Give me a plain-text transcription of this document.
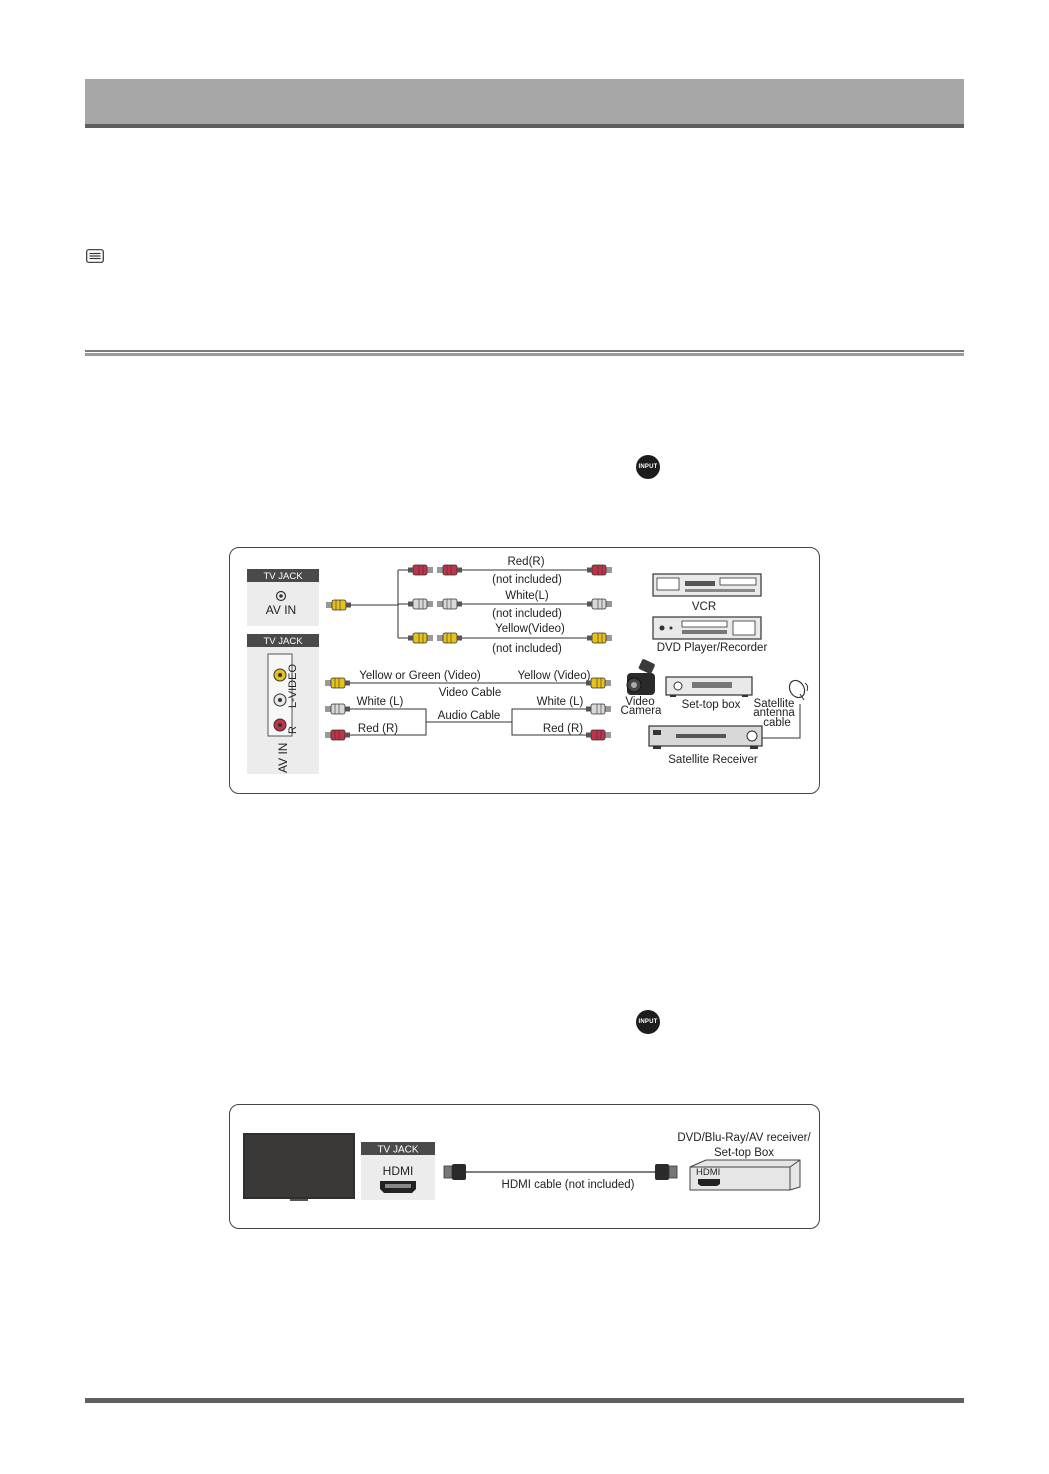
INPUT
INPUT
TV JACK
AV IN
TV JACK
L-VIDEO
R
AV IN
Red(R)
(not included)
White(L)
(not included)
Yellow(Video)
(not included)
VCR
DVD Player/Recorder
Yellow or Green (Video)	Yellow (Video)
Video Cable
White (L)	White (L)
Audio Cable
Red (R)	Red (R)
Video
Camera Set-top box Satellite
antenna
cable
Satellite Receiver
TV JACK
HDMI
HDMI cable (not included)
DVD/Blu-Ray/AV receiver/
Set-top Box
HDMI
